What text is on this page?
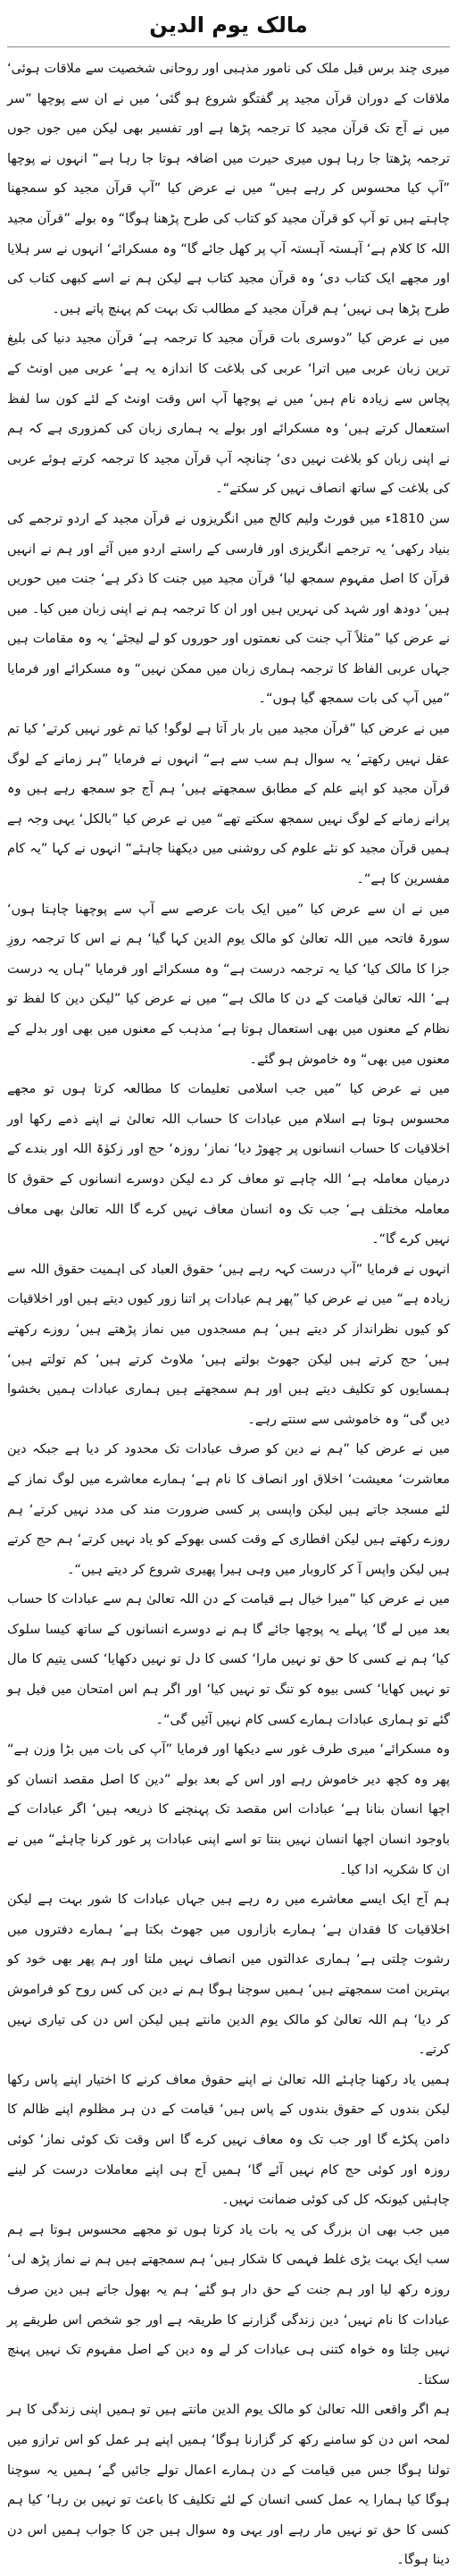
مالک یوم الدین

میری چند برس قبل ملک کی نامور مذہبی اور روحانی شخصیت سے ملاقات ہوئی‘ ملاقات کے دوران قرآن مجید پر گفتگو شروع ہو گئی‘ میں نے ان سے پوچھا ”سر میں نے آج تک قرآن مجید کا ترجمہ پڑھا ہے اور تفسیر بھی لیکن میں جوں جوں ترجمہ پڑھتا جا رہا ہوں میری حیرت میں اضافہ ہوتا جا رہا ہے“ انہوں نے پوچھا ”آپ کیا محسوس کر رہے ہیں“ میں نے عرض کیا ”آپ قرآن مجید کو سمجھنا چاہتے ہیں تو آپ کو قرآن مجید کو کتاب کی طرح پڑھنا ہوگا“ وہ بولے ”قرآن مجید اللہ کا کلام ہے‘ آہستہ آہستہ آپ پر کھل جائے گا“ وہ مسکرائے‘ انہوں نے سر ہلایا اور مجھے ایک کتاب دی‘ وہ قرآن مجید کتاب ہے لیکن ہم نے اسے کبھی کتاب کی طرح پڑھا ہی نہیں‘ ہم قرآن مجید کے مطالب تک بہت کم پہنچ پاتے ہیں۔

میں نے عرض کیا ”دوسری بات قرآن مجید کا ترجمہ ہے‘ قرآن مجید دنیا کی بلیغ ترین زبان عربی میں اترا‘ عربی کی بلاغت کا اندازہ یہ ہے‘ عربی میں اونٹ کے پچاس سے زیادہ نام ہیں‘ میں نے پوچھا آپ اس وقت اونٹ کے لئے کون سا لفظ استعمال کرتے ہیں‘ وہ مسکرائے اور بولے یہ ہماری زبان کی کمزوری ہے کہ ہم نے اپنی زبان کو بلاغت نہیں دی‘ چنانچہ آپ قرآن مجید کا ترجمہ کرتے ہوئے عربی کی بلاغت کے ساتھ انصاف نہیں کر سکتے“۔

سن 1810ء میں فورٹ ولیم کالج میں انگریزوں نے قرآن مجید کے اردو ترجمے کی بنیاد رکھی‘ یہ ترجمے انگریزی اور فارسی کے راستے اردو میں آئے اور ہم نے انہیں قرآن کا اصل مفہوم سمجھ لیا‘ قرآن مجید میں جنت کا ذکر ہے‘ جنت میں حوریں ہیں‘ دودھ اور شہد کی نہریں ہیں اور ان کا ترجمہ ہم نے اپنی زبان میں کیا۔ میں نے عرض کیا ”مثلاً آپ جنت کی نعمتوں اور حوروں کو لے لیجئے‘ یہ وہ مقامات ہیں جہاں عربی الفاظ کا ترجمہ ہماری زبان میں ممکن نہیں“ وہ مسکرائے اور فرمایا ”میں آپ کی بات سمجھ گیا ہوں“۔

میں نے عرض کیا ”قرآن مجید میں بار بار آتا ہے لوگو! کیا تم غور نہیں کرتے‘ کیا تم عقل نہیں رکھتے‘ یہ سوال ہم سب سے ہے“ انہوں نے فرمایا ”ہر زمانے کے لوگ قرآن مجید کو اپنے علم کے مطابق سمجھتے ہیں‘ ہم آج جو سمجھ رہے ہیں وہ پرانے زمانے کے لوگ نہیں سمجھ سکتے تھے“ میں نے عرض کیا ”بالکل‘ یہی وجہ ہے ہمیں قرآن مجید کو نئے علوم کی روشنی میں دیکھنا چاہئے“ انہوں نے کہا ”یہ کام مفسرین کا ہے“۔

میں نے ان سے عرض کیا ”میں ایک بات عرصے سے آپ سے پوچھنا چاہتا ہوں‘ سورۃ فاتحہ میں اللہ تعالیٰ کو مالک یوم الدین کہا گیا‘ ہم نے اس کا ترجمہ روزِ جزا کا مالک کیا‘ کیا یہ ترجمہ درست ہے“ وہ مسکرائے اور فرمایا ”ہاں یہ درست ہے‘ اللہ تعالیٰ قیامت کے دن کا مالک ہے“ میں نے عرض کیا ”لیکن دین کا لفظ تو نظام کے معنوں میں بھی استعمال ہوتا ہے‘ مذہب کے معنوں میں بھی اور بدلے کے معنوں میں بھی“ وہ خاموش ہو گئے۔

میں نے عرض کیا ”میں جب اسلامی تعلیمات کا مطالعہ کرتا ہوں تو مجھے محسوس ہوتا ہے اسلام میں عبادات کا حساب اللہ تعالیٰ نے اپنے ذمے رکھا اور اخلاقیات کا حساب انسانوں پر چھوڑ دیا‘ نماز‘ روزہ‘ حج اور زکوٰۃ اللہ اور بندے کے درمیان معاملہ ہے‘ اللہ چاہے تو معاف کر دے لیکن دوسرے انسانوں کے حقوق کا معاملہ مختلف ہے‘ جب تک وہ انسان معاف نہیں کرے گا اللہ تعالیٰ بھی معاف نہیں کرے گا“۔

انہوں نے فرمایا ”آپ درست کہہ رہے ہیں‘ حقوق العباد کی اہمیت حقوق اللہ سے زیادہ ہے“ میں نے عرض کیا ”پھر ہم عبادات پر اتنا زور کیوں دیتے ہیں اور اخلاقیات کو کیوں نظرانداز کر دیتے ہیں‘ ہم مسجدوں میں نماز پڑھتے ہیں‘ روزے رکھتے ہیں‘ حج کرتے ہیں لیکن جھوٹ بولتے ہیں‘ ملاوٹ کرتے ہیں‘ کم تولتے ہیں‘ ہمسایوں کو تکلیف دیتے ہیں اور ہم سمجھتے ہیں ہماری عبادات ہمیں بخشوا دیں گی“ وہ خاموشی سے سنتے رہے۔

میں نے عرض کیا ”ہم نے دین کو صرف عبادات تک محدود کر دیا ہے جبکہ دین معاشرت‘ معیشت‘ اخلاق اور انصاف کا نام ہے‘ ہمارے معاشرے میں لوگ نماز کے لئے مسجد جاتے ہیں لیکن واپسی پر کسی ضرورت مند کی مدد نہیں کرتے‘ ہم روزے رکھتے ہیں لیکن افطاری کے وقت کسی بھوکے کو یاد نہیں کرتے‘ ہم حج کرتے ہیں لیکن واپس آ کر کاروبار میں وہی ہیرا پھیری شروع کر دیتے ہیں“۔

میں نے عرض کیا ”میرا خیال ہے قیامت کے دن اللہ تعالیٰ ہم سے عبادات کا حساب بعد میں لے گا‘ پہلے یہ پوچھا جائے گا ہم نے دوسرے انسانوں کے ساتھ کیسا سلوک کیا‘ ہم نے کسی کا حق تو نہیں مارا‘ کسی کا دل تو نہیں دکھایا‘ کسی یتیم کا مال تو نہیں کھایا‘ کسی بیوہ کو تنگ تو نہیں کیا‘ اور اگر ہم اس امتحان میں فیل ہو گئے تو ہماری عبادات ہمارے کسی کام نہیں آئیں گی“۔

وہ مسکرائے‘ میری طرف غور سے دیکھا اور فرمایا ”آپ کی بات میں بڑا وزن ہے“ پھر وہ کچھ دیر خاموش رہے اور اس کے بعد بولے ”دین کا اصل مقصد انسان کو اچھا انسان بنانا ہے‘ عبادات اس مقصد تک پہنچنے کا ذریعہ ہیں‘ اگر عبادات کے باوجود انسان اچھا انسان نہیں بنتا تو اسے اپنی عبادات پر غور کرنا چاہئے“ میں نے ان کا شکریہ ادا کیا۔

ہم آج ایک ایسے معاشرے میں رہ رہے ہیں جہاں عبادات کا شور بہت ہے لیکن اخلاقیات کا فقدان ہے‘ ہمارے بازاروں میں جھوٹ بکتا ہے‘ ہمارے دفتروں میں رشوت چلتی ہے‘ ہماری عدالتوں میں انصاف نہیں ملتا اور ہم پھر بھی خود کو بہترین امت سمجھتے ہیں‘ ہمیں سوچنا ہوگا ہم نے دین کی کس روح کو فراموش کر دیا‘ ہم اللہ تعالیٰ کو مالک یوم الدین مانتے ہیں لیکن اس دن کی تیاری نہیں کرتے۔

ہمیں یاد رکھنا چاہئے اللہ تعالیٰ نے اپنے حقوق معاف کرنے کا اختیار اپنے پاس رکھا لیکن بندوں کے حقوق بندوں کے پاس ہیں‘ قیامت کے دن ہر مظلوم اپنے ظالم کا دامن پکڑے گا اور جب تک وہ معاف نہیں کرے گا اس وقت تک کوئی نماز‘ کوئی روزہ اور کوئی حج کام نہیں آئے گا‘ ہمیں آج ہی اپنے معاملات درست کر لینے چاہئیں کیونکہ کل کی کوئی ضمانت نہیں۔

میں جب بھی ان بزرگ کی یہ بات یاد کرتا ہوں تو مجھے محسوس ہوتا ہے ہم سب ایک بہت بڑی غلط فہمی کا شکار ہیں‘ ہم سمجھتے ہیں ہم نے نماز پڑھ لی‘ روزہ رکھ لیا اور ہم جنت کے حق دار ہو گئے‘ ہم یہ بھول جاتے ہیں دین صرف عبادات کا نام نہیں‘ دین زندگی گزارنے کا طریقہ ہے اور جو شخص اس طریقے پر نہیں چلتا وہ خواہ کتنی ہی عبادات کر لے وہ دین کے اصل مفہوم تک نہیں پہنچ سکتا۔

ہم اگر واقعی اللہ تعالیٰ کو مالک یوم الدین مانتے ہیں تو ہمیں اپنی زندگی کا ہر لمحہ اس دن کو سامنے رکھ کر گزارنا ہوگا‘ ہمیں اپنے ہر عمل کو اس ترازو میں تولنا ہوگا جس میں قیامت کے دن ہمارے اعمال تولے جائیں گے‘ ہمیں یہ سوچنا ہوگا کیا ہمارا یہ عمل کسی انسان کے لئے تکلیف کا باعث تو نہیں بن رہا‘ کیا ہم کسی کا حق تو نہیں مار رہے اور یہی وہ سوال ہیں جن کا جواب ہمیں اس دن دینا ہوگا۔
